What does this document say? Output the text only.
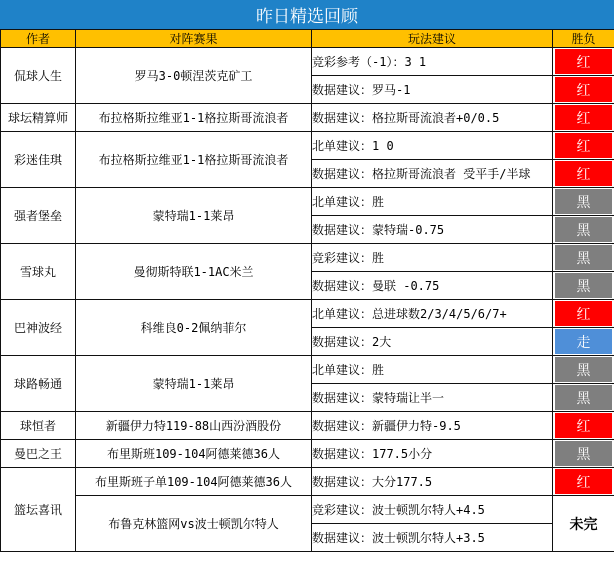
昨日精选回顾
作者	对阵赛果	玩法建议	胜负
侃球人生	罗马3-0顿涅茨克矿工	竞彩参考（-1）：3 1	红

		数据建议：罗马-1	红

球坛精算师	布拉格斯拉维亚1-1格拉斯哥流浪者	数据建议：格拉斯哥流浪者+0/0.5	红

彩迷佳琪	布拉格斯拉维亚1-1格拉斯哥流浪者	北单建议：1 0	红

		数据建议：格拉斯哥流浪者 受平手/半球	红

强者堡垒	蒙特瑞1-1莱昂	北单建议：胜	黑

		数据建议：蒙特瑞-0.75	黑

雪球丸	曼彻斯特联1-1AC米兰	竞彩建议：胜	黑

		数据建议：曼联 -0.75	黑

巴神波经	科维良0-2佩纳菲尔	北单建议：总进球数2/3/4/5/6/7+	红

		数据建议：2大	走

球路畅通	蒙特瑞1-1莱昂	北单建议：胜	黑

		数据建议：蒙特瑞让半一	黑

球恒者	新疆伊力特119-88山西汾酒股份	数据建议：新疆伊力特-9.5	红

曼巴之王	布里斯班109-104阿德莱德36人	数据建议：177.5小分	黑

篮坛喜讯	布里斯班子单109-104阿德莱德36人	数据建议：大分177.5	红

	布鲁克林篮网vs波士顿凯尔特人	竞彩建议：波士顿凯尔特人+4.5	未完

		数据建议：波士顿凯尔特人+3.5	
